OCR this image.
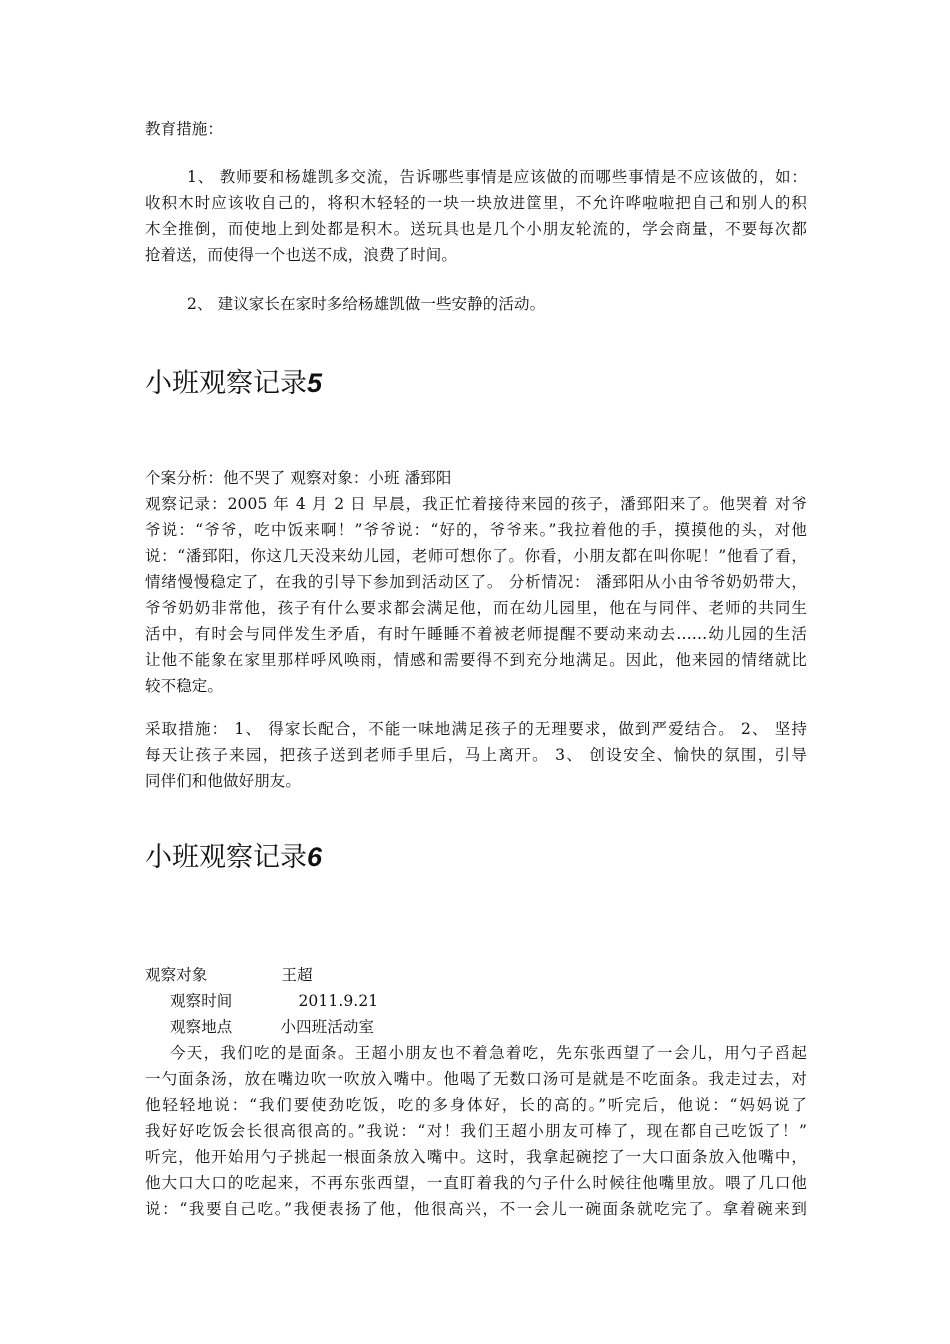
教育措施：
1、 教师要和杨雄凯多交流，告诉哪些事情是应该做的而哪些事情是不应该做的，如：
收积木时应该收自己的，将积木轻轻的一块一块放进筐里，不允许哗啦啦把自己和别人的积
木全推倒，而使地上到处都是积木。送玩具也是几个小朋友轮流的，学会商量，不要每次都
抢着送，而使得一个也送不成，浪费了时间。
2、 建议家长在家时多给杨雄凯做一些安静的活动。
小班观察记录5
个案分析：他不哭了 观察对象：小班 潘郅阳
观察记录：2005 年 4 月 2 日 早晨，我正忙着接待来园的孩子，潘郅阳来了。他哭着 对爷
爷说：“爷爷，吃中饭来啊！”爷爷说：“好的，爷爷来。”我拉着他的手，摸摸他的头，对他
说：“潘郅阳，你这几天没来幼儿园，老师可想你了。你看，小朋友都在叫你呢！”他看了看，
情绪慢慢稳定了，在我的引导下参加到活动区了。 分析情况： 潘郅阳从小由爷爷奶奶带大，
爷爷奶奶非常他，孩子有什么要求都会满足他，而在幼儿园里，他在与同伴、老师的共同生
活中，有时会与同伴发生矛盾，有时午睡睡不着被老师提醒不要动来动去……幼儿园的生活
让他不能象在家里那样呼风唤雨，情感和需要得不到充分地满足。因此，他来园的情绪就比
较不稳定。
采取措施： 1、 得家长配合，不能一味地满足孩子的无理要求，做到严爱结合。 2、 坚持
每天让孩子来园，把孩子送到老师手里后，马上离开。 3、 创设安全、愉快的氛围，引导
同伴们和他做好朋友。
小班观察记录6
观察对象	王超
观察时间	2011.9.21
观察地点	小四班活动室
今天，我们吃的是面条。王超小朋友也不着急着吃，先东张西望了一会儿，用勺子舀起
一勺面条汤，放在嘴边吹一吹放入嘴中。他喝了无数口汤可是就是不吃面条。我走过去，对
他轻轻地说：“我们要使劲吃饭，吃的多身体好，长的高的。”听完后，他说：“妈妈说了
我好好吃饭会长很高很高的。”我说：“对！我们王超小朋友可棒了，现在都自己吃饭了！”
听完，他开始用勺子挑起一根面条放入嘴中。这时，我拿起碗挖了一大口面条放入他嘴中，
他大口大口的吃起来，不再东张西望，一直盯着我的勺子什么时候往他嘴里放。喂了几口他
说：“我要自己吃。”我便表扬了他，他很高兴，不一会儿一碗面条就吃完了。拿着碗来到
